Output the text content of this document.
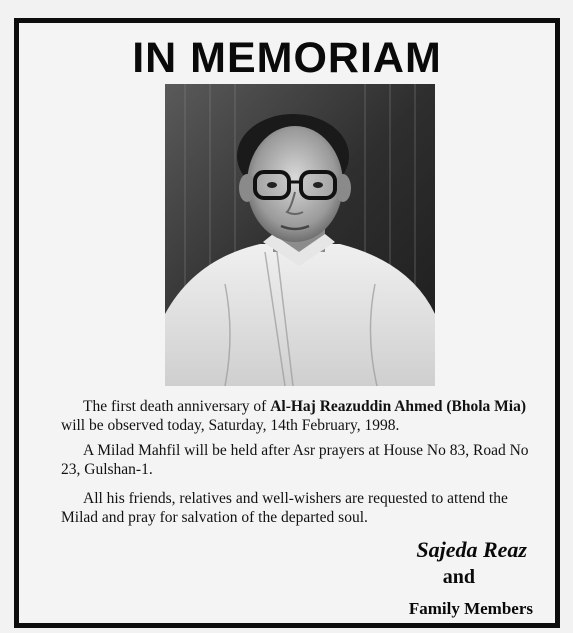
IN MEMORIAM
The first death anniversary of Al-Haj Reazuddin Ahmed (Bhola Mia) will be observed today, Saturday, 14th February, 1998.
A Milad Mahfil will be held after Asr prayers at House No 83, Road No 23, Gulshan-1.
All his friends, relatives and well-wishers are requested to attend the Milad and pray for salvation of the departed soul.
Sajeda Reaz
and
Family Members
